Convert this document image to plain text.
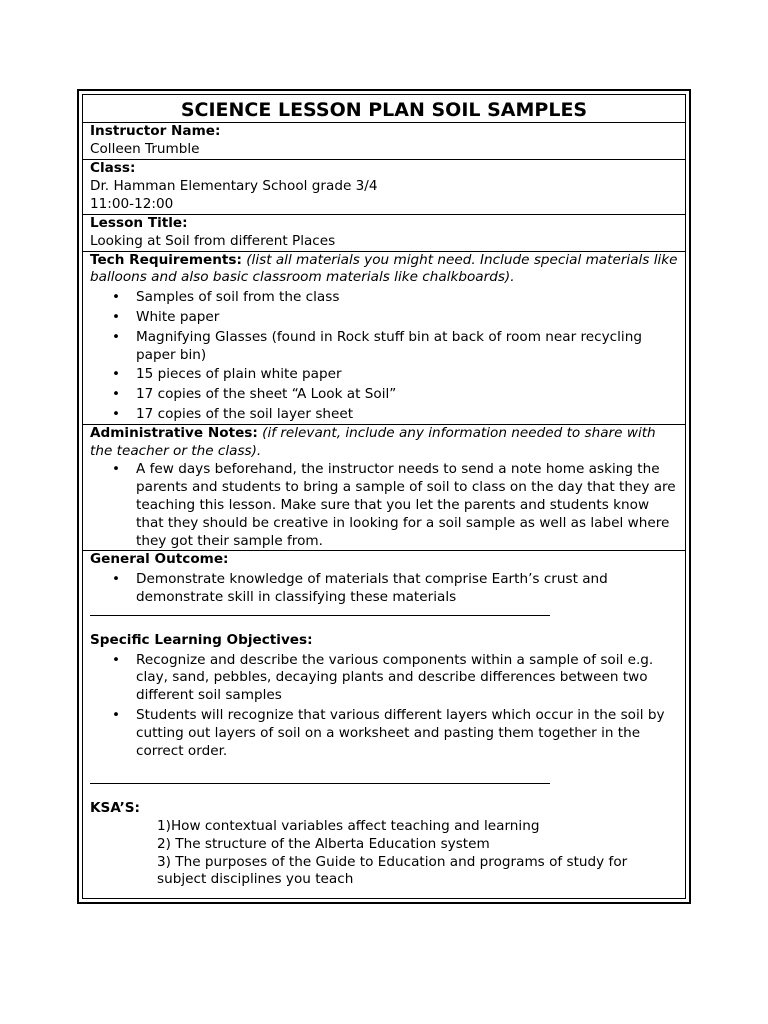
SCIENCE LESSON PLAN SOIL SAMPLES
Instructor Name:
Colleen Trumble
Class:
Dr. Hamman Elementary School grade 3/4
11:00-12:00
Lesson Title:
Looking at Soil from different Places
Tech Requirements: (list all materials you might need. Include special materials like balloons and also basic classroom materials like chalkboards).
• Samples of soil from the class
• White paper
• Magnifying Glasses (found in Rock stuff bin at back of room near recycling paper bin)
• 15 pieces of plain white paper
• 17 copies of the sheet “A Look at Soil”
• 17 copies of the soil layer sheet
Administrative Notes: (if relevant, include any information needed to share with the teacher or the class).
• A few days beforehand, the instructor needs to send a note home asking the parents and students to bring a sample of soil to class on the day that they are teaching this lesson. Make sure that you let the parents and students know that they should be creative in looking for a soil sample as well as label where they got their sample from.
General Outcome:
• Demonstrate knowledge of materials that comprise Earth’s crust and demonstrate skill in classifying these materials
Specific Learning Objectives:
• Recognize and describe the various components within a sample of soil e.g. clay, sand, pebbles, decaying plants and describe differences between two different soil samples
• Students will recognize that various different layers which occur in the soil by cutting out layers of soil on a worksheet and pasting them together in the correct order.
KSA’S:
1)How contextual variables affect teaching and learning
2) The structure of the Alberta Education system
3) The purposes of the Guide to Education and programs of study for subject disciplines you teach
